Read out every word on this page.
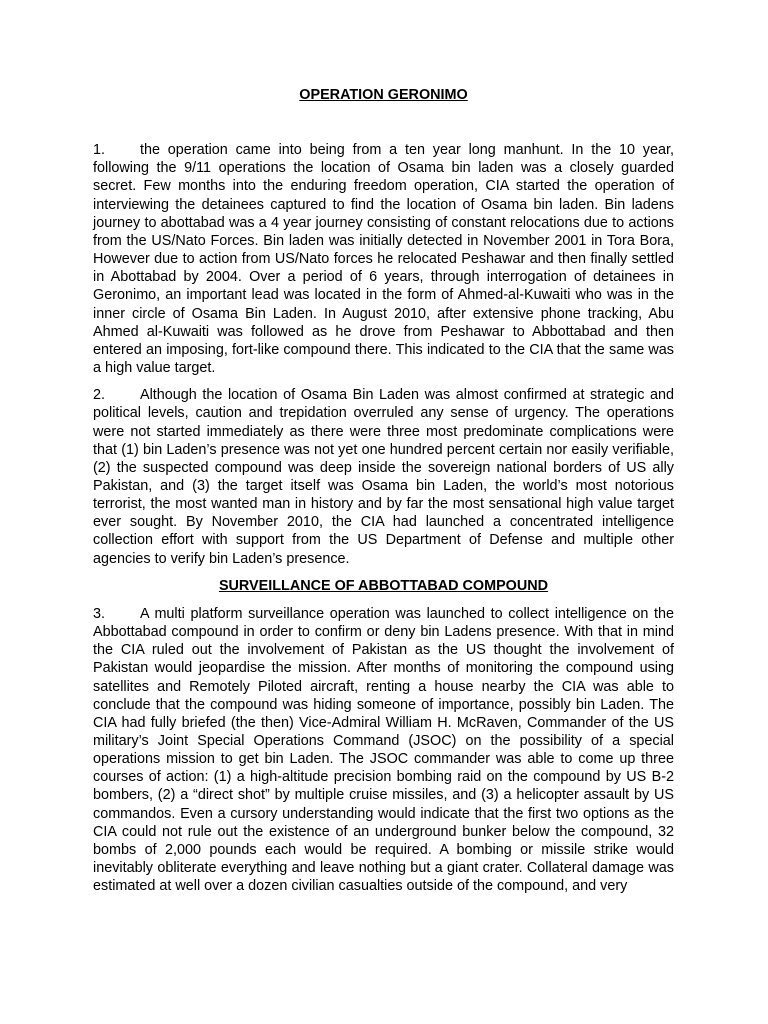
OPERATION GERONIMO

1. the operation came into being from a ten year long manhunt. In the 10 year, following the 9/11 operations the location of Osama bin laden was a closely guarded secret. Few months into the enduring freedom operation, CIA started the operation of interviewing the detainees captured to find the location of Osama bin laden. Bin ladens journey to abottabad was a 4 year journey consisting of constant relocations due to actions from the US/Nato Forces. Bin laden was initially detected in November 2001 in Tora Bora, However due to action from US/Nato forces he relocated Peshawar and then finally settled in Abottabad by 2004. Over a period of 6 years, through interrogation of detainees in Geronimo, an important lead was located in the form of Ahmed-al-Kuwaiti who was in the inner circle of Osama Bin Laden. In August 2010, after extensive phone tracking, Abu Ahmed al-Kuwaiti was followed as he drove from Peshawar to Abbottabad and then entered an imposing, fort-like compound there. This indicated to the CIA that the same was a high value target.

2. Although the location of Osama Bin Laden was almost confirmed at strategic and political levels, caution and trepidation overruled any sense of urgency. The operations were not started immediately as there were three most predominate complications were that (1) bin Laden’s presence was not yet one hundred percent certain nor easily verifiable, (2) the suspected compound was deep inside the sovereign national borders of US ally Pakistan, and (3) the target itself was Osama bin Laden, the world’s most notorious terrorist, the most wanted man in history and by far the most sensational high value target ever sought. By November 2010, the CIA had launched a concentrated intelligence collection effort with support from the US Department of Defense and multiple other agencies to verify bin Laden’s presence.

SURVEILLANCE OF ABBOTTABAD COMPOUND

3. A multi platform surveillance operation was launched to collect intelligence on the Abbottabad compound in order to confirm or deny bin Ladens presence. With that in mind the CIA ruled out the involvement of Pakistan as the US thought the involvement of Pakistan would jeopardise the mission. After months of monitoring the compound using satellites and Remotely Piloted aircraft, renting a house nearby the CIA was able to conclude that the compound was hiding someone of importance, possibly bin Laden. The CIA had fully briefed (the then) Vice-Admiral William H. McRaven, Commander of the US military’s Joint Special Operations Command (JSOC) on the possibility of a special operations mission to get bin Laden. The JSOC commander was able to come up three courses of action: (1) a high-altitude precision bombing raid on the compound by US B-2 bombers, (2) a “direct shot” by multiple cruise missiles, and (3) a helicopter assault by US commandos. Even a cursory understanding would indicate that the first two options as the CIA could not rule out the existence of an underground bunker below the compound, 32 bombs of 2,000 pounds each would be required. A bombing or missile strike would inevitably obliterate everything and leave nothing but a giant crater. Collateral damage was estimated at well over a dozen civilian casualties outside of the compound, and very
